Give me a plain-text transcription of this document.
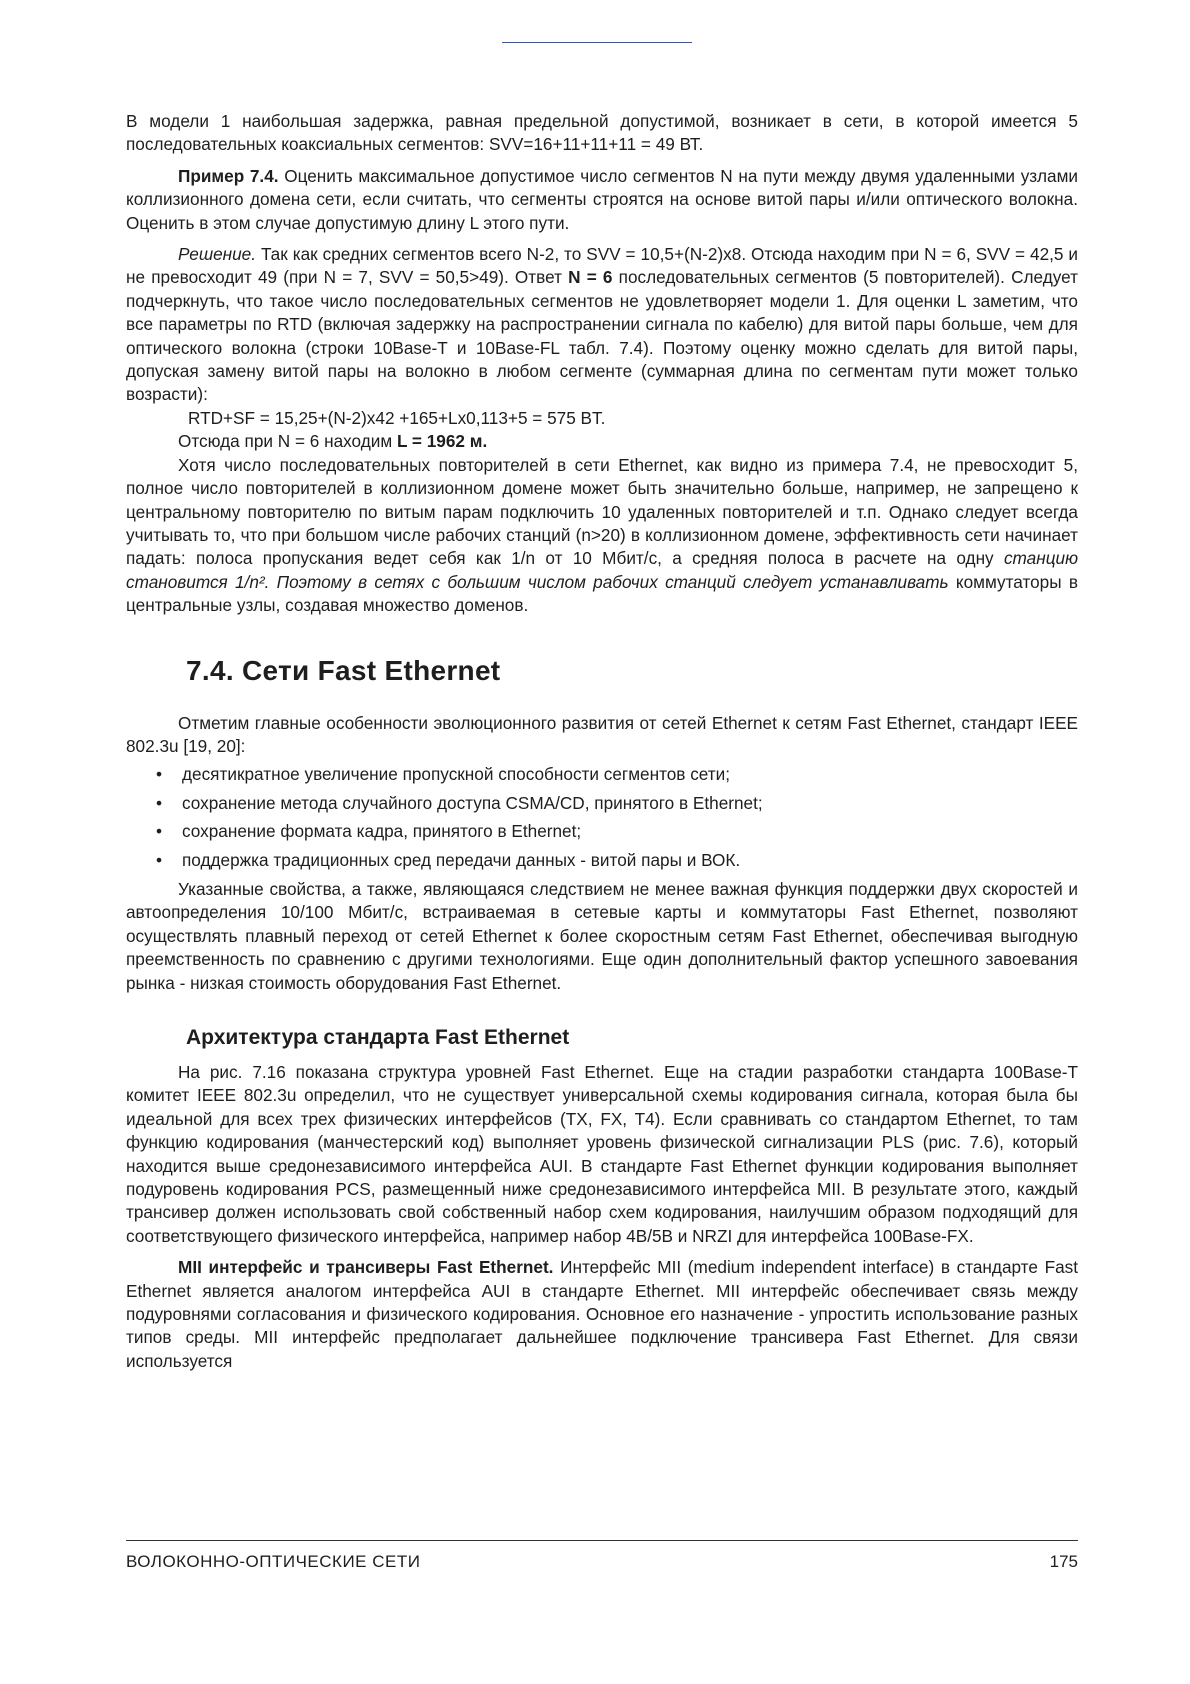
В модели 1 наибольшая задержка, равная предельной допустимой, возникает в сети, в которой имеется 5 последовательных коаксиальных сегментов: SVV=16+11+11+11 = 49 ВТ.

Пример 7.4. Оценить максимальное допустимое число сегментов N на пути между двумя удаленными узлами коллизионного домена сети, если считать, что сегменты строятся на основе витой пары и/или оптического волокна. Оценить в этом случае допустимую длину L этого пути.

Решение. Так как средних сегментов всего N-2, то SVV = 10,5+(N-2)x8. Отсюда находим при N = 6, SVV = 42,5 и не превосходит 49 (при N = 7, SVV = 50,5>49). Ответ N = 6 последовательных сегментов (5 повторителей). Следует подчеркнуть, что такое число последовательных сегментов не удовлетворяет модели 1. Для оценки L заметим, что все параметры по RTD (включая задержку на распространении сигнала по кабелю) для витой пары больше, чем для оптического волокна (строки 10Base-T и 10Base-FL табл. 7.4). Поэтому оценку можно сделать для витой пары, допуская замену витой пары на волокно в любом сегменте (суммарная длина по сегментам пути может только возрасти):

RTD+SF = 15,25+(N-2)x42 +165+Lx0,113+5 = 575 BT.

Отсюда при N = 6 находим L = 1962 м.

Хотя число последовательных повторителей в сети Ethernet, как видно из примера 7.4, не превосходит 5, полное число повторителей в коллизионном домене может быть значительно больше, например, не запрещено к центральному повторителю по витым парам подключить 10 удаленных повторителей и т.п. Однако следует всегда учитывать то, что при большом числе рабочих станций (n>20) в коллизионном домене, эффективность сети начинает падать: полоса пропускания ведет себя как 1/n от 10 Мбит/с, а средняя полоса в расчете на одну станцию становится 1/n². Поэтому в сетях с большим числом рабочих станций следует устанавливать коммутаторы в центральные узлы, создавая множество доменов.

7.4. Сети Fast Ethernet

Отметим главные особенности эволюционного развития от сетей Ethernet к сетям Fast Ethernet, стандарт IEEE 802.3u [19, 20]:

• десятикратное увеличение пропускной способности сегментов сети;
• сохранение метода случайного доступа CSMA/CD, принятого в Ethernet;
• сохранение формата кадра, принятого в Ethernet;
• поддержка традиционных сред передачи данных - витой пары и ВОК.

Указанные свойства, а также, являющаяся следствием не менее важная функция поддержки двух скоростей и автоопределения 10/100 Мбит/с, встраиваемая в сетевые карты и коммутаторы Fast Ethernet, позволяют осуществлять плавный переход от сетей Ethernet к более скоростным сетям Fast Ethernet, обеспечивая выгодную преемственность по сравнению с другими технологиями. Еще один дополнительный фактор успешного завоевания рынка - низкая стоимость оборудования Fast Ethernet.

Архитектура стандарта Fast Ethernet

На рис. 7.16 показана структура уровней Fast Ethernet. Еще на стадии разработки стандарта 100Base-T комитет IEEE 802.3u определил, что не существует универсальной схемы кодирования сигнала, которая была бы идеальной для всех трех физических интерфейсов (TX, FX, T4). Если сравнивать со стандартом Ethernet, то там функцию кодирования (манчестерский код) выполняет уровень физической сигнализации PLS (рис. 7.6), который находится выше средонезависимого интерфейса AUI. В стандарте Fast Ethernet функции кодирования выполняет подуровень кодирования PCS, размещенный ниже средонезависимого интерфейса MII. В результате этого, каждый трансивер должен использовать свой собственный набор схем кодирования, наилучшим образом подходящий для соответствующего физического интерфейса, например набор 4B/5B и NRZI для интерфейса 100Base-FX.

MII интерфейс и трансиверы Fast Ethernet. Интерфейс MII (medium independent interface) в стандарте Fast Ethernet является аналогом интерфейса AUI в стандарте Ethernet. MII интерфейс обеспечивает связь между подуровнями согласования и физического кодирования. Основное его назначение - упростить использование разных типов среды. MII интерфейс предполагает дальнейшее подключение трансивера Fast Ethernet. Для связи используется

ВОЛОКОННО-ОПТИЧЕСКИЕ СЕТИ	175
